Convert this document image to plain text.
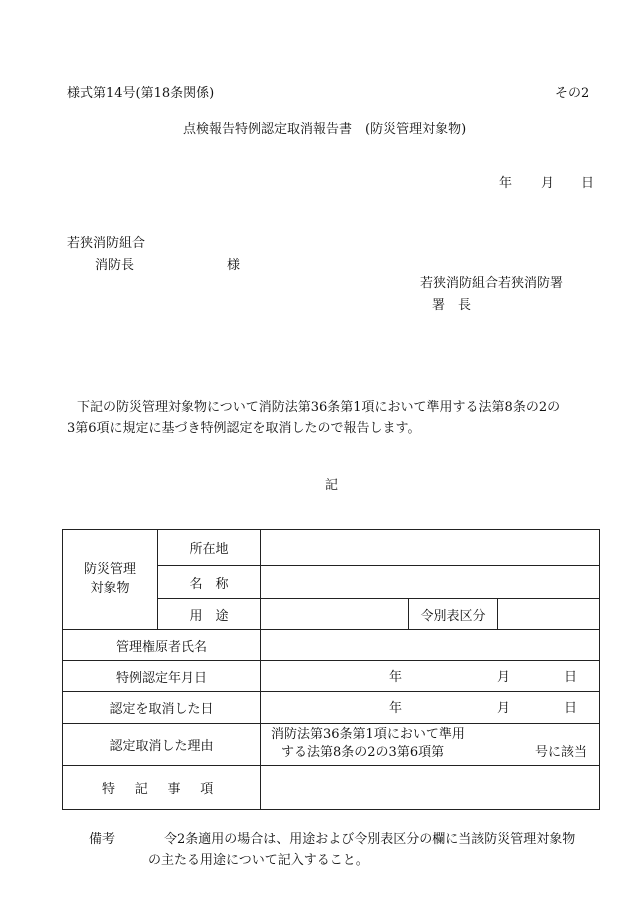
様式第14号(第18条関係)	その2
点検報告特例認定取消報告書　(防災管理対象物)
年 月 日
若狭消防組合
消防長	様
若狭消防組合若狭消防署
署　長
下記の防災管理対象物について消防法第36条第1項において準用する法第8条の2の
3第6項に規定に基づき特例認定を取消したので報告します。
記
防災管理
対象物	所在地			
	名　称			
	用　途		令別表区分	
管理権原者氏名				
特例認定年月日		年 月 日		

認定を取消した日		年 月 日		

認定取消した理由		消防法第36条第1項において準用
する法第8条の2の3第6項第 号に該当		

特 記 事 項				
備考	令2条適用の場合は、用途および令別表区分の欄に当該防災管理対象物
の主たる用途について記入すること。
